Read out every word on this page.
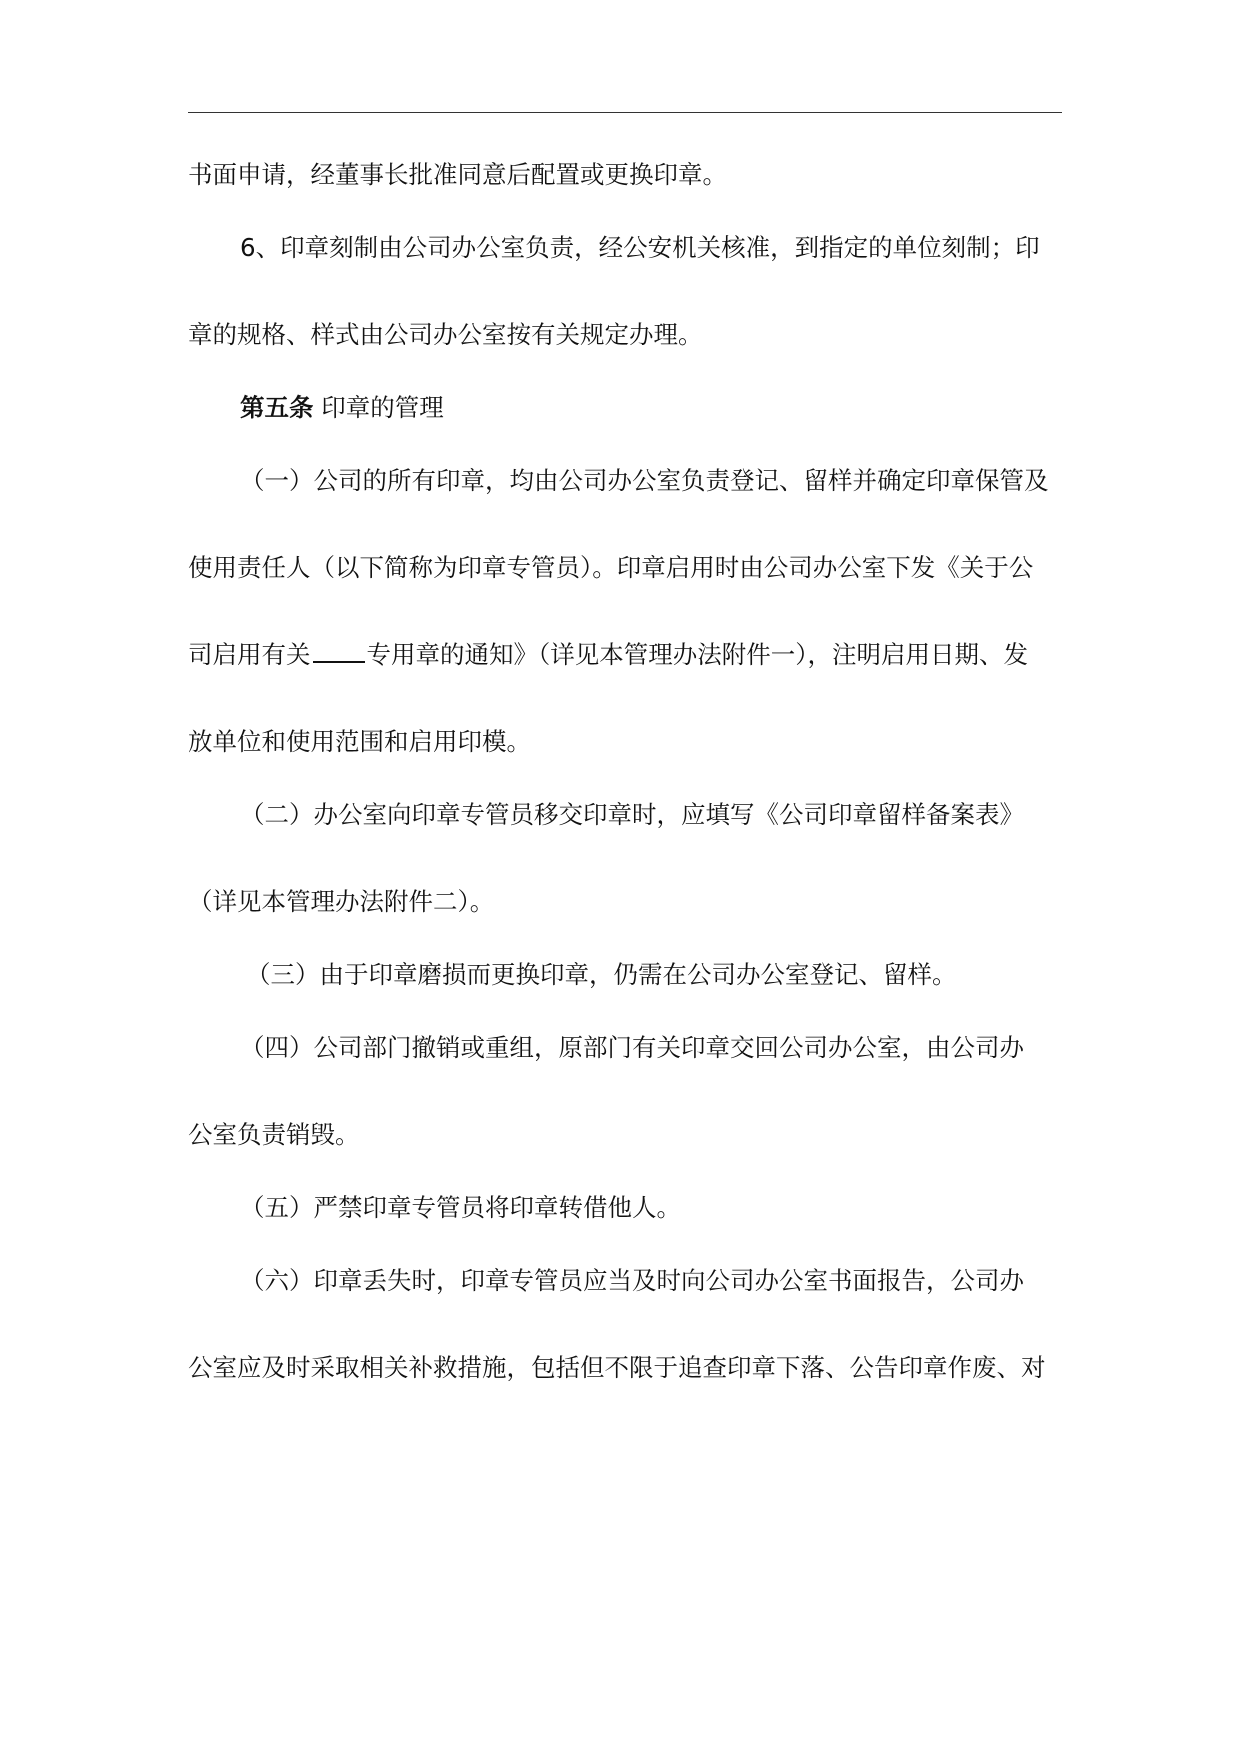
书面申请，经董事长批准同意后配置或更换印章。
6、印章刻制由公司办公室负责，经公安机关核准，到指定的单位刻制；印
章的规格、样式由公司办公室按有关规定办理。
第五条 印章的管理
（一）公司的所有印章，均由公司办公室负责登记、留样并确定印章保管及
使用责任人（以下简称为印章专管员）。印章启用时由公司办公室下发《关于公
司启用有关 专用章的通知》（详见本管理办法附件一），注明启用日期、发
放单位和使用范围和启用印模。
（二）办公室向印章专管员移交印章时，应填写《公司印章留样备案表》
（详见本管理办法附件二）。
（三）由于印章磨损而更换印章，仍需在公司办公室登记、留样。
（四）公司部门撤销或重组，原部门有关印章交回公司办公室，由公司办
公室负责销毁。
（五）严禁印章专管员将印章转借他人。
（六）印章丢失时，印章专管员应当及时向公司办公室书面报告，公司办
公室应及时采取相关补救措施，包括但不限于追查印章下落、公告印章作废、对
